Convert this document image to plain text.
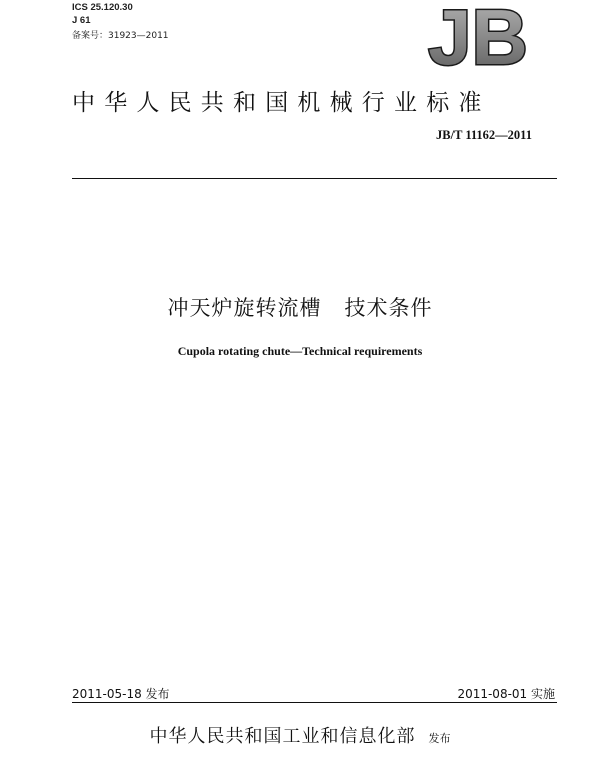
ICS 25.120.30
J 61
备案号：31923—2011	JB
中华人民共和国机械行业标准
JB/T 11162—2011
冲天炉旋转流槽   技术条件
Cupola rotating chute—Technical requirements
2011-05-18 发布	2011-08-01 实施
中华人民共和国工业和信息化部 发布
